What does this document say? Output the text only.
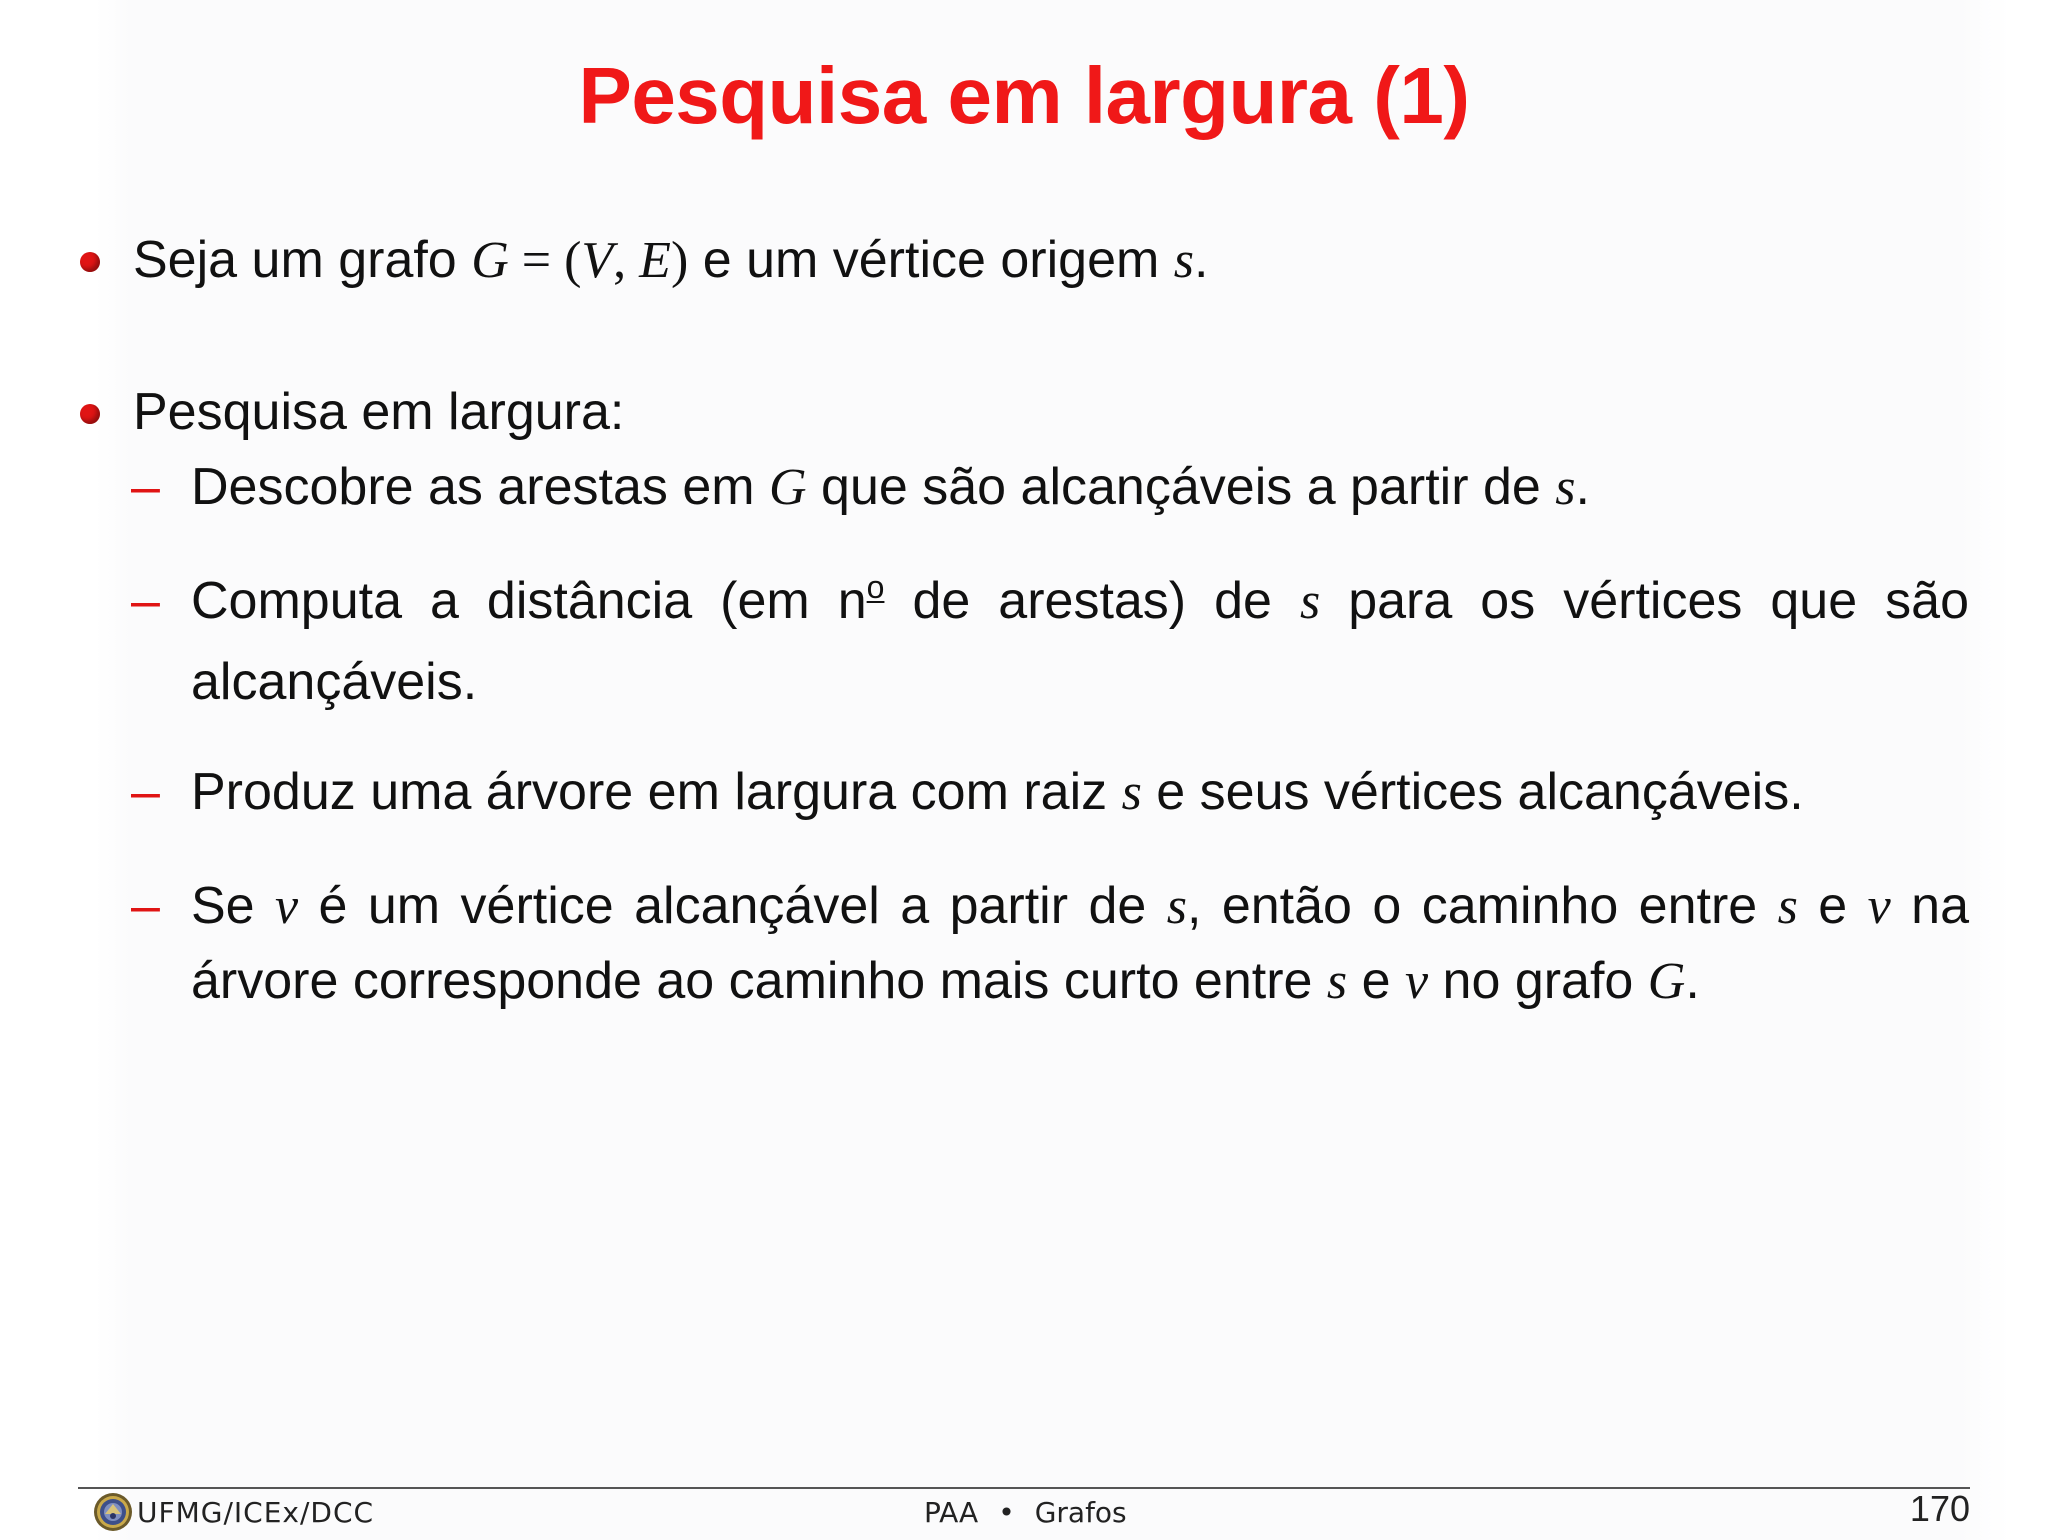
Pesquisa em largura (1)
Seja um grafo G = (V, E) e um vértice origem s.
Pesquisa em largura:
– Descobre as arestas em G que são alcançáveis a partir de s.
– Computa a distância (em $n^o$ de arestas) de s para os vértices que são alcançáveis.
– Produz uma árvore em largura com raiz s e seus vértices alcançáveis.
– Se v é um vértice alcançável a partir de s, então o caminho entre s e v na árvore corresponde ao caminho mais curto entre s e v no grafo G.
UFMG/ICEx/DCC	PAA • Grafos	170
